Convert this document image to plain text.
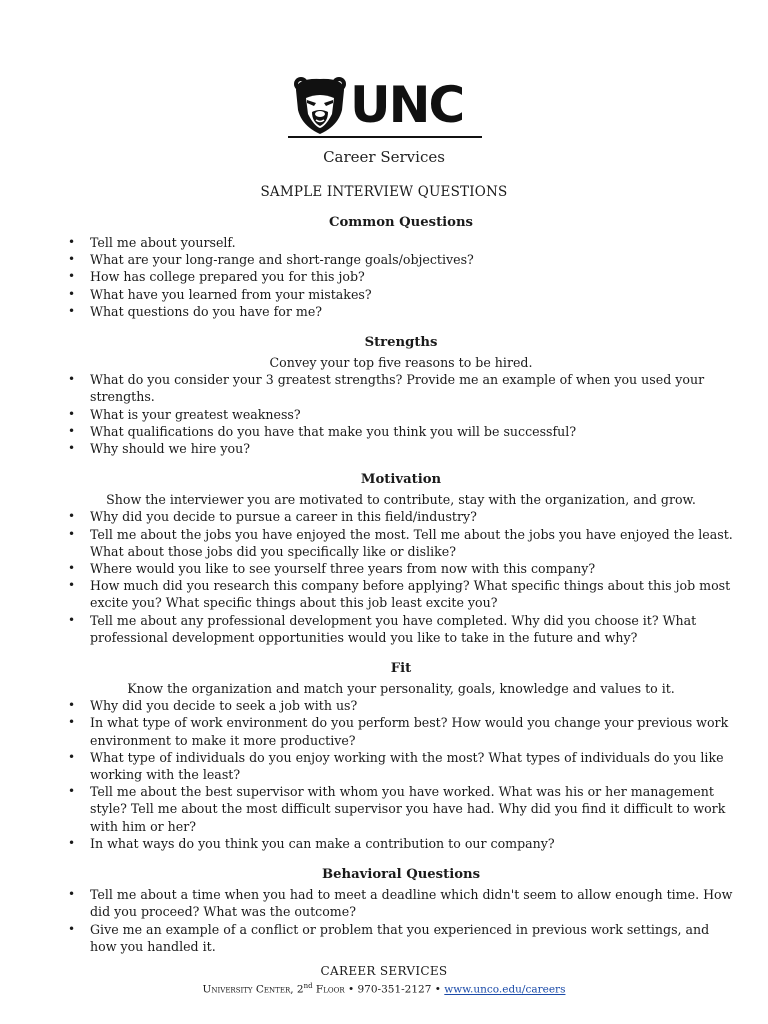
UNC
Career Services
SAMPLE INTERVIEW QUESTIONS
Common Questions
• Tell me about yourself.
• What are your long-range and short-range goals/objectives?
• How has college prepared you for this job?
• What have you learned from your mistakes?
• What questions do you have for me?
Strengths
Convey your top five reasons to be hired.
• What do you consider your 3 greatest strengths? Provide me an example of when you used your strengths.
• What is your greatest weakness?
• What qualifications do you have that make you think you will be successful?
• Why should we hire you?
Motivation
Show the interviewer you are motivated to contribute, stay with the organization, and grow.
• Why did you decide to pursue a career in this field/industry?
• Tell me about the jobs you have enjoyed the most. Tell me about the jobs you have enjoyed the least. What about those jobs did you specifically like or dislike?
• Where would you like to see yourself three years from now with this company?
• How much did you research this company before applying? What specific things about this job most excite you? What specific things about this job least excite you?
• Tell me about any professional development you have completed. Why did you choose it? What professional development opportunities would you like to take in the future and why?
Fit
Know the organization and match your personality, goals, knowledge and values to it.
• Why did you decide to seek a job with us?
• In what type of work environment do you perform best? How would you change your previous work environment to make it more productive?
• What type of individuals do you enjoy working with the most? What types of individuals do you like working with the least?
• Tell me about the best supervisor with whom you have worked. What was his or her management style? Tell me about the most difficult supervisor you have had. Why did you find it difficult to work with him or her?
• In what ways do you think you can make a contribution to our company?
Behavioral Questions
• Tell me about a time when you had to meet a deadline which didn't seem to allow enough time. How did you proceed? What was the outcome?
• Give me an example of a conflict or problem that you experienced in previous work settings, and how you handled it.
CAREER SERVICES
University Center, 2nd Floor • 970-351-2127 • www.unco.edu/careers
